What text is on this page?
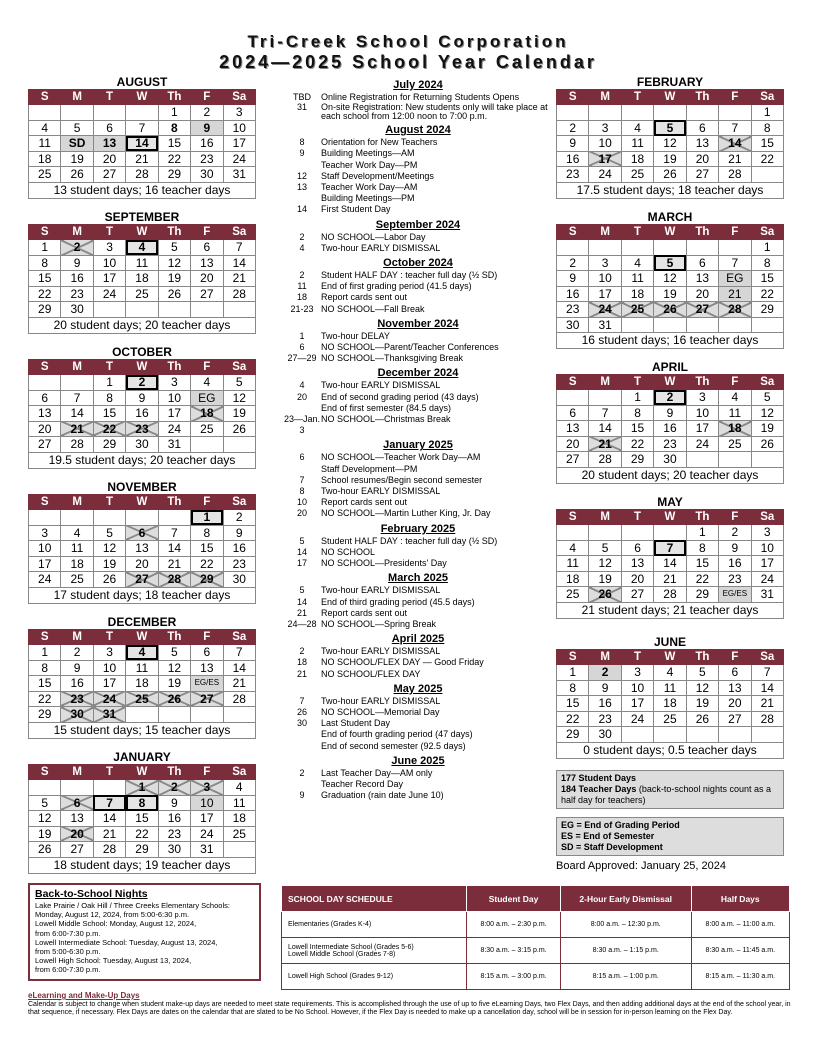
Tri-Creek School Corporation
2024—2025 School Year Calendar
AUGUST
S	M	T	W	Th	F	Sa
				1	2	3
4	5	6	7	8	9	10
11	SD	13	14	15	16	17
18	19	20	21	22	23	24
25	26	27	28	29	30	31
13 student days; 16 teacher days
SEPTEMBER
S	M	T	W	Th	F	Sa
1	2	3	4	5	6	7
8	9	10	11	12	13	14
15	16	17	18	19	20	21
22	23	24	25	26	27	28
29	30					
20 student days; 20 teacher days
OCTOBER
S	M	T	W	Th	F	Sa
		1	2	3	4	5
6	7	8	9	10	EG	12
13	14	15	16	17	18	19
20	21	22	23	24	25	26
27	28	29	30	31		
19.5 student days; 20 teacher days
NOVEMBER
S	M	T	W	Th	F	Sa
					1	2
3	4	5	6	7	8	9
10	11	12	13	14	15	16
17	18	19	20	21	22	23
24	25	26	27	28	29	30
17 student days; 18 teacher days
DECEMBER
S	M	T	W	Th	F	Sa
1	2	3	4	5	6	7
8	9	10	11	12	13	14
15	16	17	18	19	EG/ES	21
22	23	24	25	26	27	28
29	30	31				
15 student days; 15 teacher days
JANUARY
S	M	T	W	Th	F	Sa
			1	2	3	4
5	6	7	8	9	10	11
12	13	14	15	16	17	18
19	20	21	22	23	24	25
26	27	28	29	30	31	
18 student days; 19 teacher days
FEBRUARY
S	M	T	W	Th	F	Sa
						1
2	3	4	5	6	7	8
9	10	11	12	13	14	15
16	17	18	19	20	21	22
23	24	25	26	27	28	
17.5 student days; 18 teacher days
MARCH
S	M	T	W	Th	F	Sa
						1
2	3	4	5	6	7	8
9	10	11	12	13	EG	15
16	17	18	19	20	21	22
23	24	25	26	27	28	29
30	31					
16 student days; 16 teacher days
APRIL
S	M	T	W	Th	F	Sa
		1	2	3	4	5
6	7	8	9	10	11	12
13	14	15	16	17	18	19
20	21	22	23	24	25	26
27	28	29	30			
20 student days; 20 teacher days
MAY
S	M	T	W	Th	F	Sa
				1	2	3
4	5	6	7	8	9	10
11	12	13	14	15	16	17
18	19	20	21	22	23	24
25	26	27	28	29	EG/ES	31
21 student days; 21 teacher days
JUNE
S	M	T	W	Th	F	Sa
1	2	3	4	5	6	7
8	9	10	11	12	13	14
15	16	17	18	19	20	21
22	23	24	25	26	27	28
29	30					
0 student days; 0.5 teacher days
July 2024
TBD	Online Registration for Returning Students Opens
31	On-site Registration: New students only will take place at each school from 12:00 noon to 7:00 p.m.
August 2024
8	Orientation for New Teachers
9	Building Meetings—AM
Teacher Work Day—PM
12	Staff Development/Meetings
13	Teacher Work Day—AM
Building Meetings—PM
14	First Student Day
September 2024
2	NO SCHOOL—Labor Day
4	Two-hour EARLY DISMISSAL
October 2024
2	Student HALF DAY : teacher full day (½ SD)
11	End of first grading period (41.5 days)
18	Report cards sent out
21-23 NO SCHOOL—Fall Break
November 2024
1	Two-hour DELAY
6	NO SCHOOL—Parent/Teacher Conferences
27—29 NO SCHOOL—Thanksgiving Break
December 2024
4	Two-hour EARLY DISMISSAL
20	End of second grading period (43 days)
End of first semester (84.5 days)
23—Jan. 3
NO SCHOOL—Christmas Break
January 2025
6	NO SCHOOL—Teacher Work Day—AM
Staff Development—PM
7	School resumes/Begin second semester
8	Two-hour EARLY DISMISSAL
10	Report cards sent out
20	NO SCHOOL—Martin Luther King, Jr. Day
February 2025
5	Student HALF DAY : teacher full day (½ SD)
14	NO SCHOOL
17	NO SCHOOL—Presidents' Day
March 2025
5	Two-hour EARLY DISMISSAL
14	End of third grading period (45.5 days)
21	Report cards sent out
24—28 NO SCHOOL—Spring Break
April 2025
2	Two-hour EARLY DISMISSAL
18	NO SCHOOL/FLEX DAY — Good Friday
21	NO SCHOOL/FLEX DAY
May 2025
7	Two-hour EARLY DISMISSAL
26	NO SCHOOL—Memorial Day
30	Last Student Day
End of fourth grading period (47 days)
End of second semester (92.5 days)
June 2025
2	Last Teacher Day—AM only
Teacher Record Day
9	Graduation (rain date June 10)
177 Student Days
184 Teacher Days (back-to-school nights count as a half day for teachers)
EG = End of Grading Period
ES = End of Semester
SD = Staff Development
Board Approved: January 25, 2024
Back-to-School Nights
Lake Prairie / Oak Hill / Three Creeks Elementary Schools:
Monday, August 12, 2024, from 5:00-6:30 p.m.
Lowell Middle School: Monday, August 12, 2024,
from 6:00-7:30 p.m.
Lowell Intermediate School: Tuesday, August 13, 2024,
from 5:00-6:30 p.m.
Lowell High School: Tuesday, August 13, 2024,
from 6:00-7:30 p.m.
SCHOOL DAY SCHEDULE	Student Day	2-Hour Early Dismissal	Half Days
Elementaries (Grades K-4)	8:00 a.m. – 2:30 p.m.	8:00 a.m. – 12:30 p.m.	8:00 a.m. – 11:00 a.m.
Lowell Intermediate School (Grades 5-6)
Lowell Middle School (Grades 7-8)	8:30 a.m. – 3:15 p.m.	8:30 a.m. – 1:15 p.m.	8:30 a.m. – 11:45 a.m.
Lowell High School (Grades 9-12)	8:15 a.m. – 3:00 p.m.	8:15 a.m. – 1:00 p.m.	8:15 a.m. – 11:30 a.m.
eLearning and Make-Up Days
Calendar is subject to change when student make-up days are needed to meet state requirements. This is accomplished through the use of up to five eLearning Days, two Flex Days, and then adding additional days at the end of the school year, in that sequence, if necessary. Flex Days are dates on the calendar that are slated to be No School. However, if the Flex Day is needed to make up a cancellation day, school will be in session for in-person learning on the Flex Day.
